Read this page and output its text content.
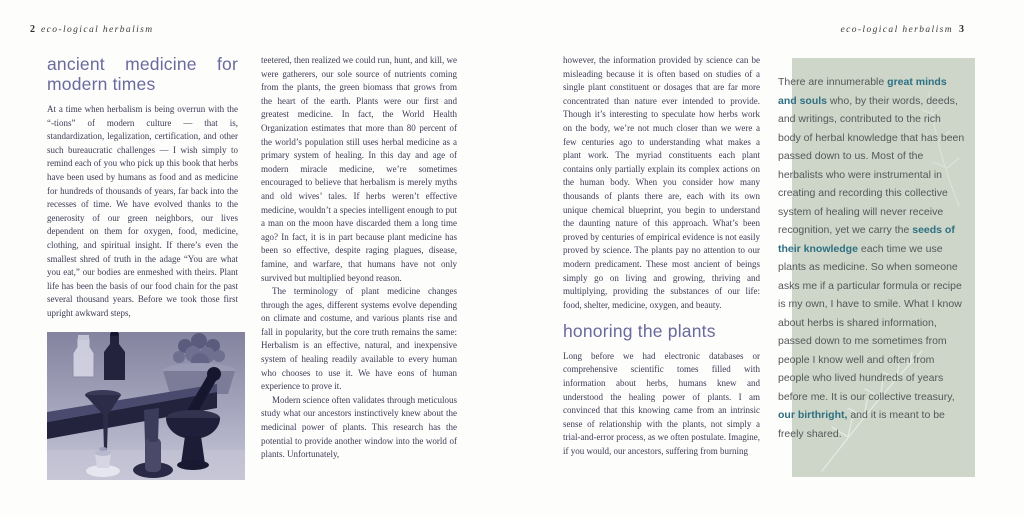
2 eco-logical herbalism	eco-logical herbalism 3
ancient medicine for modern times

At a time when herbalism is being overrun with the “-tions” of modern culture — that is, standardization, legalization, certification, and other such bureaucratic challenges — I wish simply to remind each of you who pick up this book that herbs have been used by humans as food and as medicine for hundreds of thousands of years, far back into the recesses of time. We have evolved thanks to the generosity of our green neighbors, our lives dependent on them for oxygen, food, medicine, clothing, and spiritual insight. If there’s even the smallest shred of truth in the adage “You are what you eat,” our bodies are enmeshed with theirs. Plant life has been the basis of our food chain for the past several thousand years. Before we took those first upright awkward steps,

teetered, then realized we could run, hunt, and kill, we were gatherers, our sole source of nutrients coming from the plants, the green biomass that grows from the heart of the earth. Plants were our first and greatest medicine. In fact, the World Health Organization estimates that more than 80 percent of the world’s population still uses herbal medicine as a primary system of healing. In this day and age of modern miracle medicine, we’re sometimes encouraged to believe that herbalism is merely myths and old wives’ tales. If herbs weren’t effective medicine, wouldn’t a species intelligent enough to put a man on the moon have discarded them a long time ago? In fact, it is in part because plant medicine has been so effective, despite raging plagues, disease, famine, and warfare, that humans have not only survived but multiplied beyond reason.

The terminology of plant medicine changes through the ages, different systems evolve depending on climate and costume, and various plants rise and fall in popularity, but the core truth remains the same: Herbalism is an effective, natural, and inexpensive system of healing readily available to every human who chooses to use it. We have eons of human experience to prove it.

Modern science often validates through meticulous study what our ancestors instinctively knew about the medicinal power of plants. This research has the potential to provide another window into the world of plants. Unfortunately,

however, the information provided by science can be misleading because it is often based on studies of a single plant constituent or dosages that are far more concentrated than nature ever intended to provide. Though it’s interesting to speculate how herbs work on the body, we’re not much closer than we were a few centuries ago to understanding what makes a plant work. The myriad constituents each plant contains only partially explain its complex actions on the human body. When you consider how many thousands of plants there are, each with its own unique chemical blueprint, you begin to understand the daunting nature of this approach. What’s been proved by centuries of empirical evidence is not easily proved by science. The plants pay no attention to our modern predicament. These most ancient of beings simply go on living and growing, thriving and multiplying, providing the substances of our life: food, shelter, medicine, oxygen, and beauty.

honoring the plants

Long before we had electronic databases or comprehensive scientific tomes filled with information about herbs, humans knew and understood the healing power of plants. I am convinced that this knowing came from an intrinsic sense of relationship with the plants, not simply a trial-and-error process, as we often postulate. Imagine, if you would, our ancestors, suffering from burning

There are innumerable great minds and souls who, by their words, deeds, and writings, contributed to the rich body of herbal knowledge that has been passed down to us. Most of the herbalists who were instrumental in creating and recording this collective system of healing will never receive recognition, yet we carry the seeds of their knowledge each time we use plants as medicine. So when someone asks me if a particular formula or recipe is my own, I have to smile. What I know about herbs is shared information, passed down to me sometimes from people I know well and often from people who lived hundreds of years before me. It is our collective treasury, our birthright, and it is meant to be freely shared.
